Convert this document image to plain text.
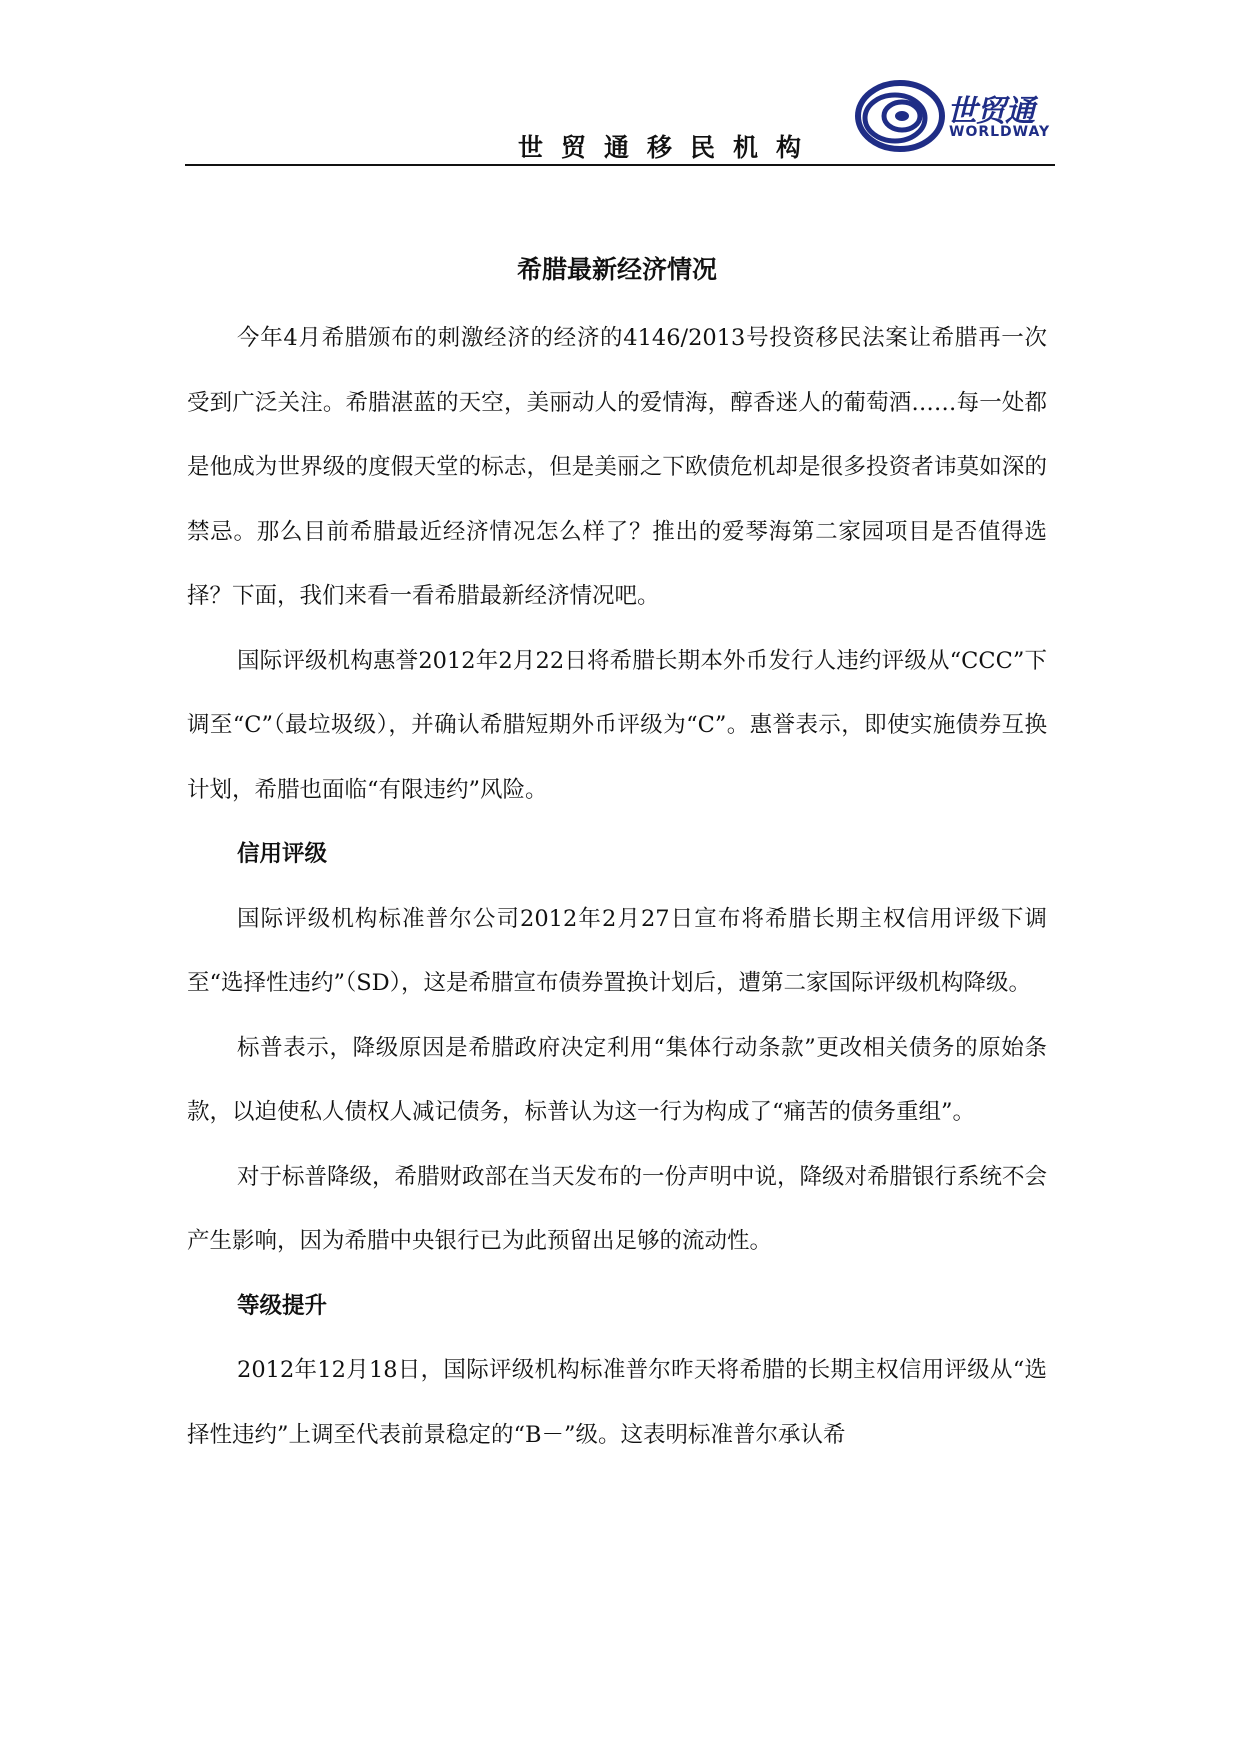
世贸通移民机构
世贸通
WORLDWAY
希腊最新经济情况

今年4月希腊颁布的刺激经济的经济的4146/2013号投资移民法案让希腊再一次受到广泛关注。希腊湛蓝的天空，美丽动人的爱情海，醇香迷人的葡萄酒……每一处都是他成为世界级的度假天堂的标志，但是美丽之下欧债危机却是很多投资者讳莫如深的禁忌。那么目前希腊最近经济情况怎么样了？推出的爱琴海第二家园项目是否值得选择？下面，我们来看一看希腊最新经济情况吧。

国际评级机构惠誉2012年2月22日将希腊长期本外币发行人违约评级从“CCC”下调至“C”（最垃圾级），并确认希腊短期外币评级为“C”。惠誉表示，即使实施债券互换计划，希腊也面临“有限违约”风险。

信用评级

国际评级机构标准普尔公司2012年2月27日宣布将希腊长期主权信用评级下调至“选择性违约”（SD），这是希腊宣布债券置换计划后，遭第二家国际评级机构降级。

标普表示，降级原因是希腊政府决定利用“集体行动条款”更改相关债务的原始条款，以迫使私人债权人减记债务，标普认为这一行为构成了“痛苦的债务重组”。

对于标普降级，希腊财政部在当天发布的一份声明中说，降级对希腊银行系统不会产生影响，因为希腊中央银行已为此预留出足够的流动性。

等级提升

2012年12月18日，国际评级机构标准普尔昨天将希腊的长期主权信用评级从“选择性违约”上调至代表前景稳定的“B－”级。这表明标准普尔承认希
